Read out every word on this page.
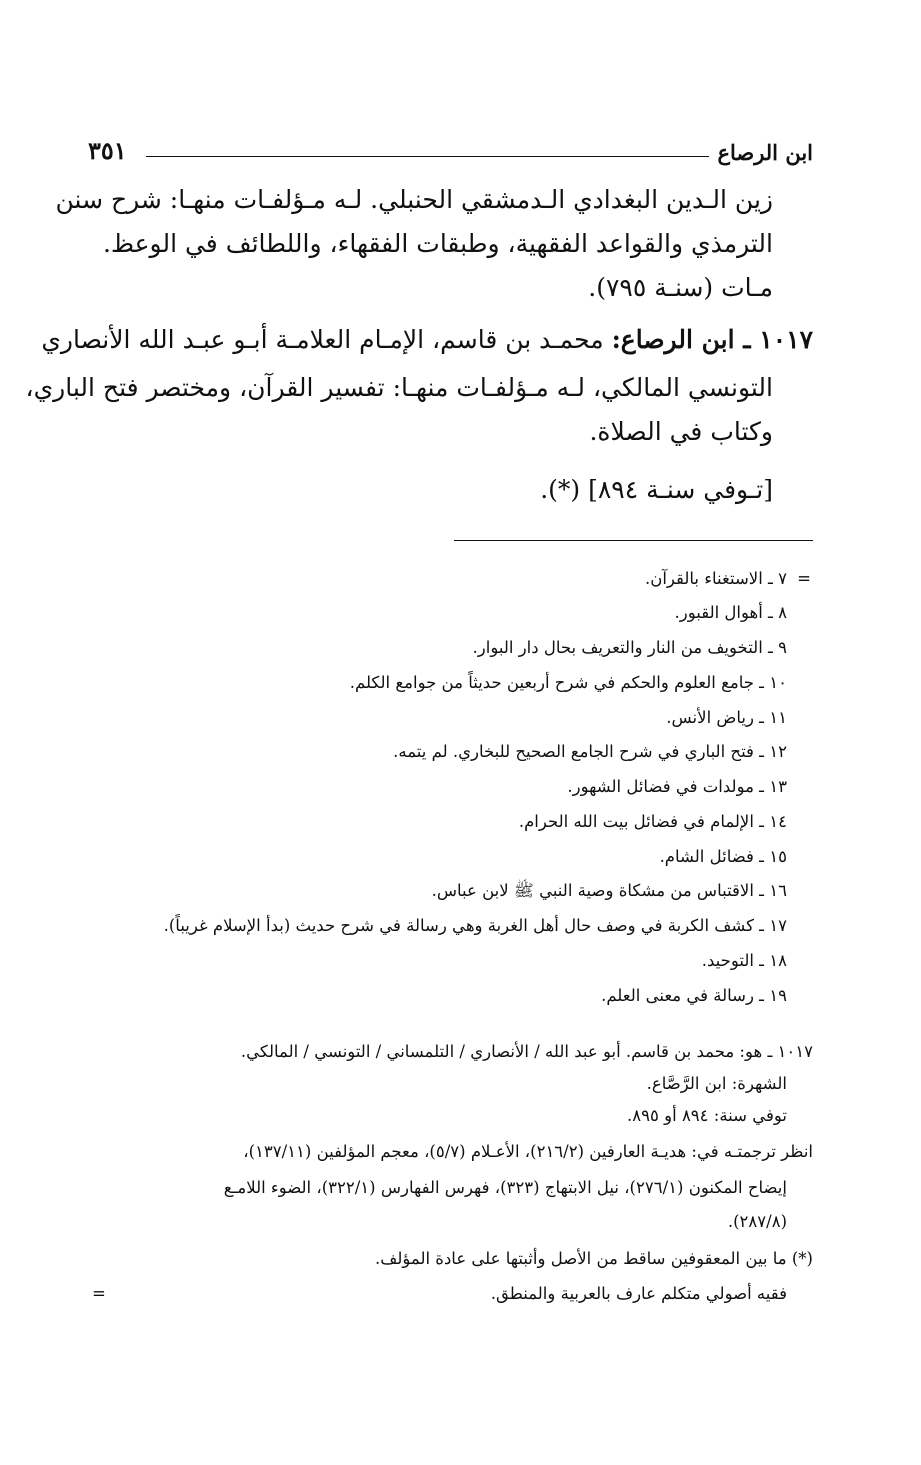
ابن الرصاع
٣٥١
زين الـدين البغدادي الـدمشقي الحنبلي. لـه مـؤلفـات منهـا: شرح سنن
الترمذي والقواعد الفقهية، وطبقات الفقهاء، واللطائف في الوعظ.
مـات (سنـة ٧٩٥).
١٠١٧ ـ ابن الرصاع: محمـد بن قاسم، الإمـام العلامـة أبـو عبـد الله الأنصاري
التونسي المالكي، لـه مـؤلفـات منهـا: تفسير القرآن، ومختصر فتح الباري،
وكتاب في الصلاة.
[تـوفي سنـة ٨٩٤] (*).
=
٧ ـ الاستغناء بالقرآن.
٨ ـ أهوال القبور.
٩ ـ التخويف من النار والتعريف بحال دار البوار.
١٠ ـ جامع العلوم والحكم في شرح أربعين حديثاً من جوامع الكلم.
١١ ـ رياض الأنس.
١٢ ـ فتح الباري في شرح الجامع الصحيح للبخاري. لم يتمه.
١٣ ـ مولدات في فضائل الشهور.
١٤ ـ الإلمام في فضائل بيت الله الحرام.
١٥ ـ فضائل الشام.
١٦ ـ الاقتباس من مشكاة وصية النبي ﷺ لابن عباس.
١٧ ـ كشف الكربة في وصف حال أهل الغربة وهي رسالة في شرح حديث (بدأ الإسلام غريباً).
١٨ ـ التوحيد.
١٩ ـ رسالة في معنى العلم.
١٠١٧ ـ هو: محمد بن قاسم. أبو عبد الله / الأنصاري / التلمساني / التونسي / المالكي.
الشهرة: ابن الرَّصَّاع.
توفي سنة: ٨٩٤ أو ٨٩٥.
انظر ترجمتـه في: هديـة العارفين (٢١٦/٢)، الأعـلام (٥/٧)، معجم المؤلفين (١٣٧/١١)،
إيضاح المكنون (٢٧٦/١)، نيل الابتهاج (٣٢٣)، فهرس الفهارس (٣٢٢/١)، الضوء اللامـع
(٢٨٧/٨).
(*) ما بين المعقوفين ساقط من الأصل وأثبتها على عادة المؤلف.
فقيه أصولي متكلم عارف بالعربية والمنطق.
=
